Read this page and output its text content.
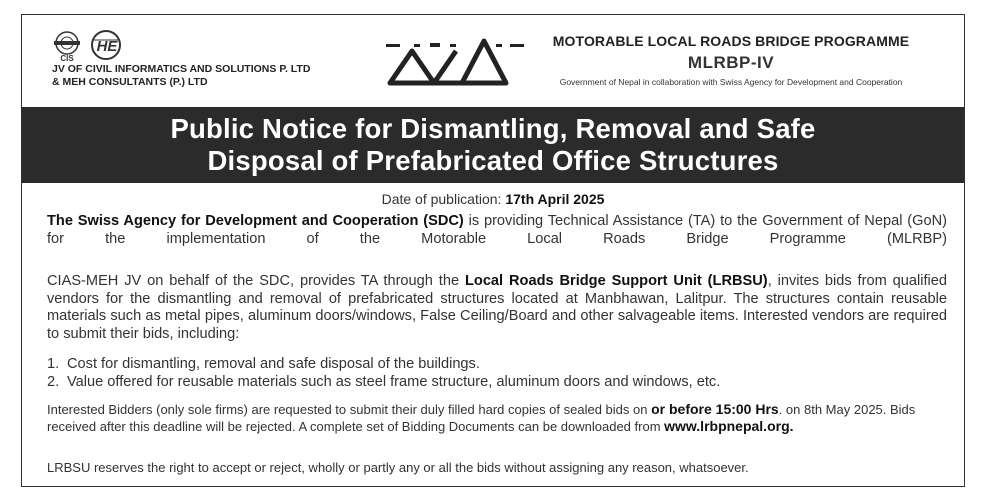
CIS
HE
JV OF CIVIL INFORMATICS AND SOLUTIONS P. LTD
& MEH CONSULTANTS (P.) LTD
MOTORABLE LOCAL ROADS BRIDGE PROGRAMME
MLRBP-IV
Government of Nepal in collaboration with Swiss Agency for Development and Cooperation
Public Notice for Dismantling, Removal and Safe
Disposal of Prefabricated Office Structures
Date of publication: 17th April 2025
The Swiss Agency for Development and Cooperation (SDC) is providing Technical Assistance (TA) to the Government of Nepal (GoN) for the implementation of the Motorable Local Roads Bridge Programme (MLRBP)
CIAS-MEH JV on behalf of the SDC, provides TA through the Local Roads Bridge Support Unit (LRBSU), invites bids from qualified vendors for the dismantling and removal of prefabricated structures located at Manbhawan, Lalitpur. The structures contain reusable materials such as metal pipes, aluminum doors/windows, False Ceiling/Board and other salvageable items. Interested vendors are required to submit their bids, including:
1. Cost for dismantling, removal and safe disposal of the buildings.
2. Value offered for reusable materials such as steel frame structure, aluminum doors and windows, etc.
Interested Bidders (only sole firms) are requested to submit their duly filled hard copies of sealed bids on or before 15:00 Hrs. on 8th May 2025. Bids received after this deadline will be rejected. A complete set of Bidding Documents can be downloaded from www.lrbpnepal.org.
LRBSU reserves the right to accept or reject, wholly or partly any or all the bids without assigning any reason, whatsoever.
